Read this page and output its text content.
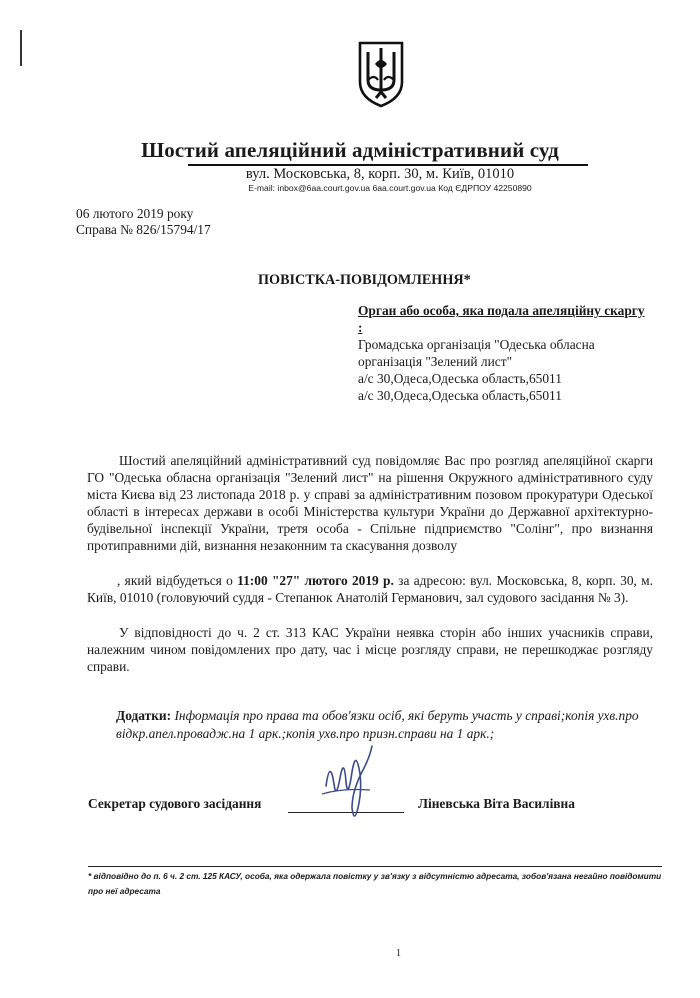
Шостий апеляційний адміністративний суд
вул. Московська, 8, корп. 30, м. Київ, 01010
E-mail: inbox@6aa.court.gov.ua 6aa.court.gov.ua Код ЄДРПОУ 42250890
06 лютого 2019 року
Справа № 826/15794/17
ПОВІСТКА-ПОВІДОМЛЕННЯ*
Орган або особа, яка подала апеляційну скаргу :
Громадська організація "Одеська обласна
організація "Зелений лист"
а/с 30,Одеса,Одеська область,65011
а/с 30,Одеса,Одеська область,65011
Шостий апеляційний адміністративний суд повідомляє Вас про розгляд апеляційної скарги ГО "Одеська обласна організація "Зелений лист" на рішення Окружного адміністративного суду міста Києва від 23 листопада 2018 р. у справі за адміністративним позовом прокуратури Одеської області в інтересах держави в особі Міністерства культури України до Державної архітектурно-будівельної інспекції України, третя особа - Спільне підприємство "Солінг", про визнання протиправними дій, визнання незаконним та скасування дозволу
, який відбудеться о 11:00 "27" лютого 2019 р. за адресою: вул. Московська, 8, корп. 30, м. Київ, 01010 (головуючий суддя - Степанюк Анатолій Германович, зал судового засідання № 3).
У відповідності до ч. 2 ст. 313 КАС України неявка сторін або інших учасників справи, належним чином повідомлених про дату, час і місце розгляду справи, не перешкоджає розгляду справи.
Додатки: Інформація про права та обов'язки осіб, які беруть участь у справі;копія ухв.про відкр.апел.провадж.на 1 арк.;копія ухв.про призн.справи на 1 арк.;
Секретар судового засідання	Ліневська Віта Василівна
* відповідно до п. 6 ч. 2 ст. 125 КАСУ, особа, яка одержала повістку у зв'язку з відсутністю адресата, зобов'язана негайно повідомити про неї адресата
1
